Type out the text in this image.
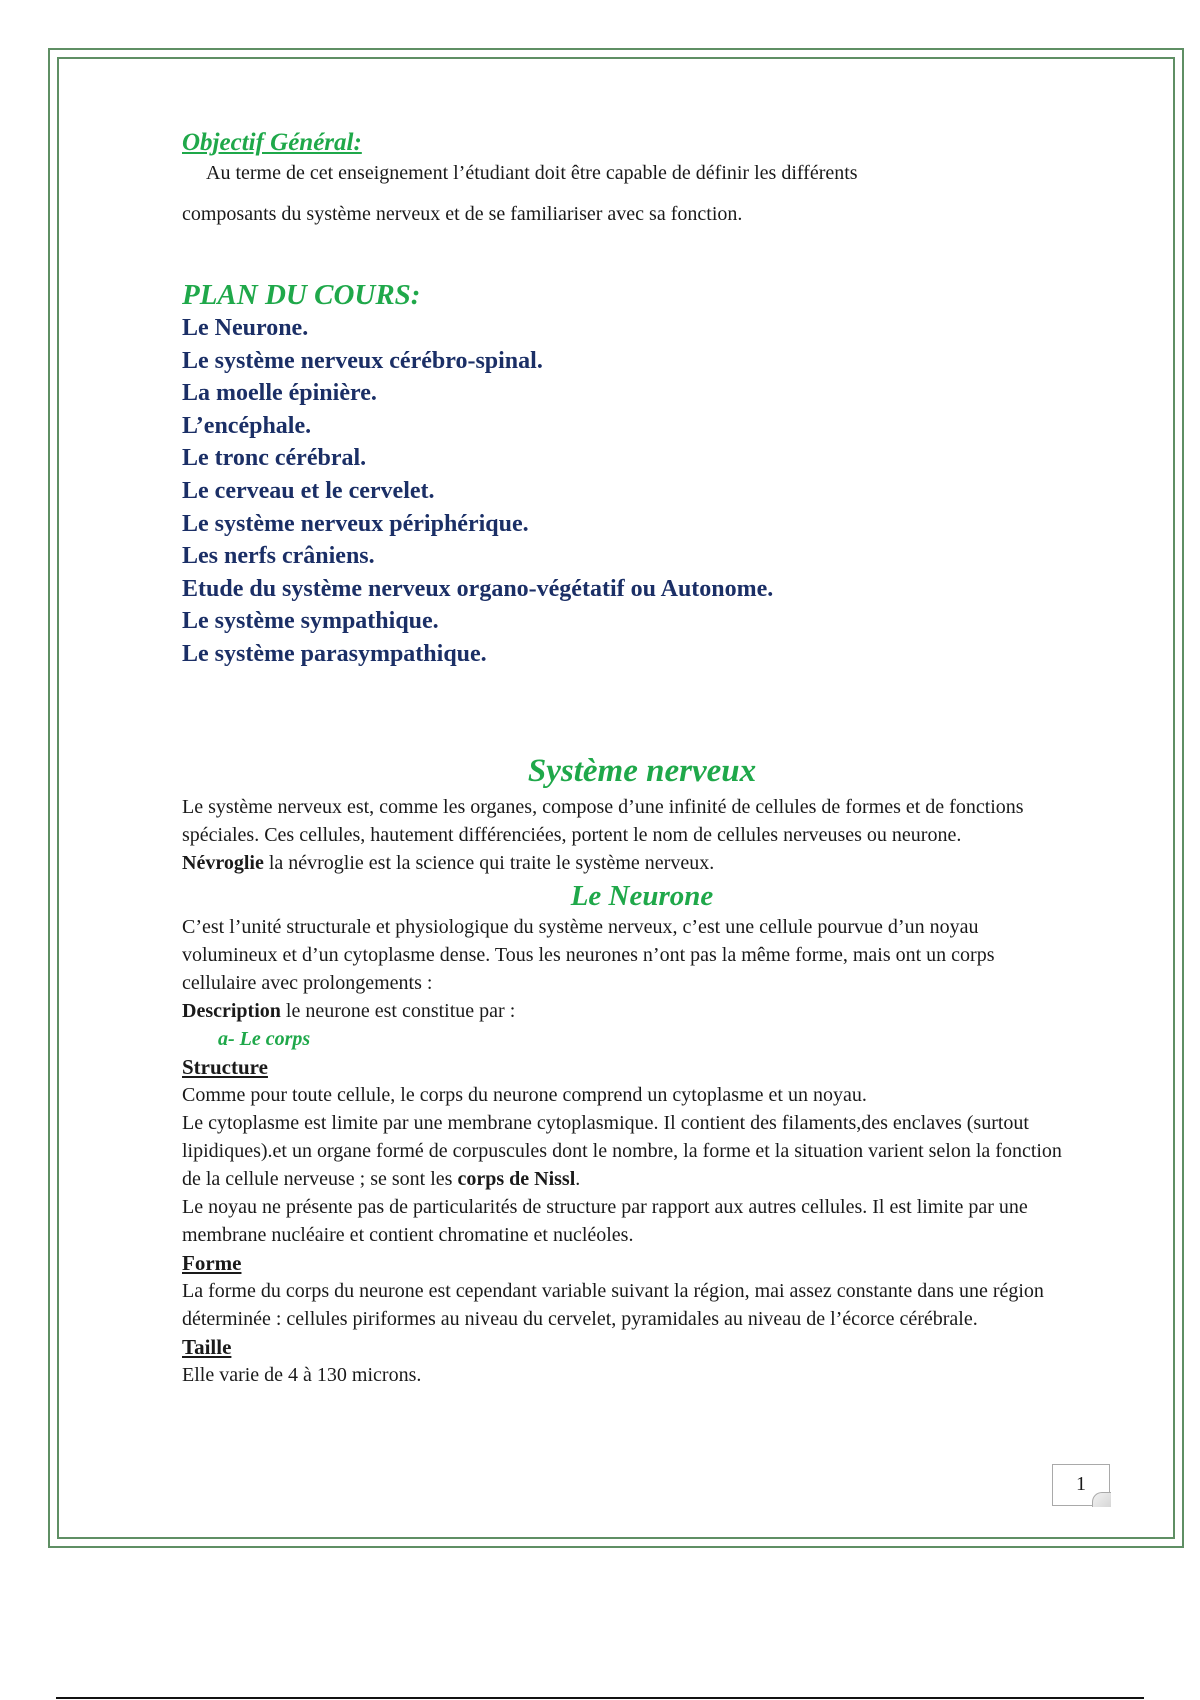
Objectif Général:

Au terme de cet enseignement l’étudiant doit être capable de définir les différents

composants du système nerveux et de se familiariser avec sa fonction.

PLAN DU COURS:
Le Neurone.
Le système nerveux cérébro-spinal.
La moelle épinière.
L’encéphale.
Le tronc cérébral.
Le cerveau et le cervelet.
Le système nerveux périphérique.
Les nerfs crâniens.
Etude du système nerveux organo-végétatif ou Autonome.
Le système sympathique.
Le système parasympathique.
Système nerveux

Le système nerveux est, comme les organes, compose d’une infinité de cellules de formes et de fonctions spéciales. Ces cellules, hautement différenciées, portent le nom de cellules nerveuses ou neurone.

Névroglie la névroglie est la science qui traite le système nerveux.

Le Neurone

C’est l’unité structurale et physiologique du système nerveux, c’est une cellule pourvue d’un noyau volumineux et d’un cytoplasme dense. Tous les neurones n’ont pas la même forme, mais ont un corps cellulaire avec prolongements :

Description le neurone est constitue par :

a- Le corps

Structure

Comme pour toute cellule, le corps du neurone comprend un cytoplasme et un noyau.

Le cytoplasme est limite par une membrane cytoplasmique. Il contient des filaments,des enclaves (surtout lipidiques).et un organe formé de corpuscules dont le nombre, la forme et la situation varient selon la fonction de la cellule nerveuse ; se sont les corps de Nissl.

Le noyau ne présente pas de particularités de structure par rapport aux autres cellules. Il est limite par une membrane nucléaire et contient chromatine et nucléoles.

Forme

La forme du corps du neurone est cependant variable suivant la région, mai assez constante dans une région déterminée : cellules piriformes au niveau du cervelet, pyramidales au niveau de l’écorce cérébrale.

Taille

Elle varie de 4 à 130 microns.

1
